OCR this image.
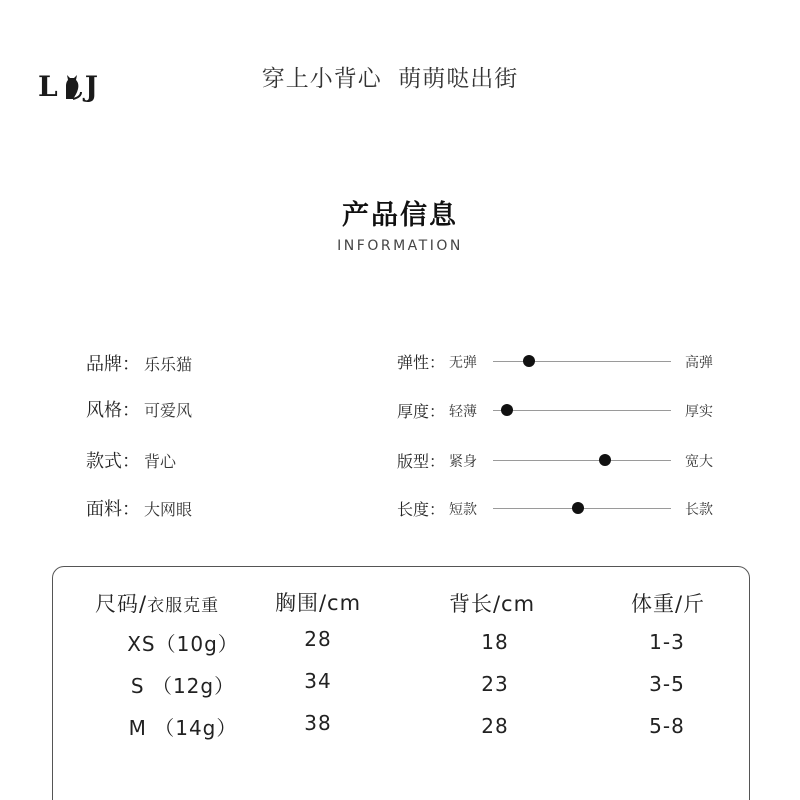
L J	穿上小背心  萌萌哒出街
产品信息
INFORMATION
品牌： 乐乐猫
风格： 可爱风
款式： 背心
面料： 大网眼
弹性： 无弹	高弹
厚度： 轻薄	厚实
版型： 紧身	宽大
长度： 短款	长款
尺码/衣服克重	胸围/cm	背长/cm	体重/斤
XS（10g）	28	18	1-3
S （12g）	34	23	3-5
M （14g）	38	28	5-8
